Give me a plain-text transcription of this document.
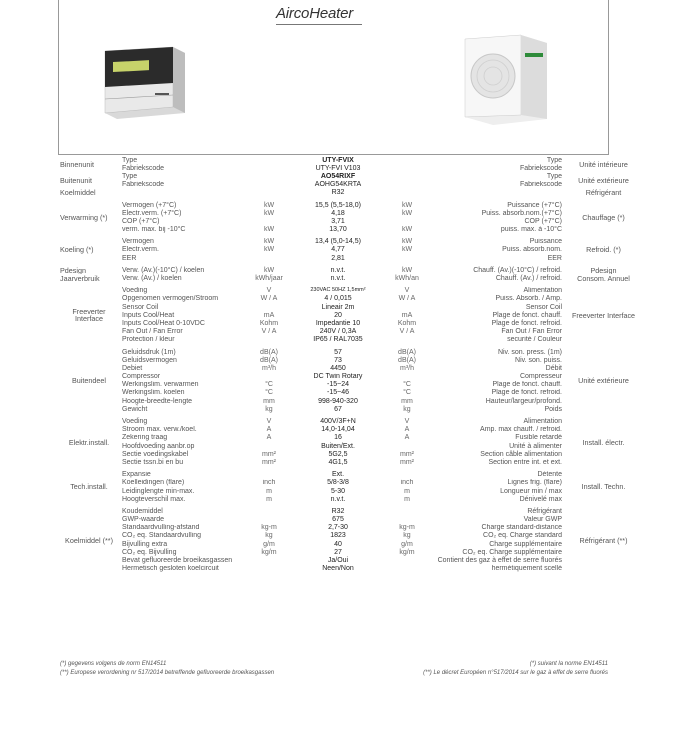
AircoHeater
Binnenunit	Type		UTY-FVIX		Type	Unité intérieure
	Fabriekscode		UTY-FVI V103		Fabriekscode	
Buitenunit	Type		AO54RIXF		Type	Unité extérieure
	Fabriekscode		AOHG54KRTA		Fabriekscode	
Koelmiddel			R32			Réfrigérant

Verwarming (*)	Vermogen (+7°C)	kW	15,5 (5,5-18,0)	kW	Puissance (+7°C)	Chauffage (*)
	Electr.verm. (+7°C)	kW	4,18	kW	Puiss. absorb.nom.(+7°C)	
	COP (+7°C)		3,71		COP (+7°C)	
	verm. max. bij -10°C	kW	13,70	kW	puiss. max. à -10°C	

Koeling (*)	Vermogen	kW	13,4 (5,0-14,5)	kW	Puissance	Refroid. (*)
	Electr.verm.	kW	4,77	kW	Puiss. absorb.nom.	
	EER		2,81		EER	

Pdesign	Verw. (Av.)(-10°C) / koelen	kW	n.v.t.	kW	Chauff. (Av.)(-10°C) / refroid.	Pdesign
Jaarverbruik	Verw. (Av.) / koelen	kWh/jaar	n.v.t.	kWh/an	Chauff. (Av.) / refroid.	Consom. Annuel

Freeverter
Interface	Voeding	V	230VAC 50HZ 1,5mm²	V	Alimentation	Freeverter Interface
	Opgenomen vermogen/Stroom	W / A	4 / 0,015	W / A	Puiss. Absorb. / Amp.	
	Sensor Coil		Lineair 2m		Sensor Coil	
	Inputs Cool/Heat	mA	20	mA	Plage de fonct. chauff.	
	Inputs Cool/Heat 0-10VDC	Kohm	Impedantie 10	Kohm	Plage de fonct. refroid.	
	Fan Out / Fan Error	V / A	240V / 0,3A	V / A	Fan Out / Fan Error	
	Protection / kleur		IP65 / RAL7035		securité / Couleur	

Buitendeel	Geluidsdruk (1m)	dB(A)	57	dB(A)	Niv. son. press. (1m)	Unité extérieure
	Geluidsvermogen	dB(A)	73	dB(A)	Niv. son. puiss.	
	Debiet	m³/h	4450	m³/h	Débit	
	Compressor		DC Twin Rotary		Compresseur	
	Werkingslim. verwarmen	°C	-15~24	°C	Plage de fonct. chauff.	
	Werkingslim. koelen	°C	-15~46	°C	Plage de fonct. refroid.	
	Hoogte-breedte-lengte	mm	998-940-320	mm	Hauteur/largeur/profond.	
	Gewicht	kg	67	kg	Poids	

Elektr.install.	Voeding	V	400V/3F+N	V	Alimentation	Install. électr.
	Stroom max. verw./koel.	A	14,0-14,04	A	Amp. max chauff. / refroid.	
	Zekering traag	A	16	A	Fusible retardé	
	Hoofdvoeding aanbr.op		Buiten/Ext.		Unité à alimenter	
	Sectie voedingskabel	mm²	5G2,5	mm²	Section câble alimentation	
	Sectie tssn.bi en bu	mm²	4G1,5	mm²	Section entre int. et ext.	

Tech.install.	Expansie		Ext.		Détente	Install. Techn.
	Koelleidingen (flare)	inch	5/8-3/8	inch	Lignes frig. (flare)	
	Leidinglengte min-max.	m	5-30	m	Longueur min / max	
	Hoogteverschil max.	m	n.v.t.	m	Dénivelé max	

Koelmiddel (**)	Koudemiddel		R32		Réfrigérant	Réfrigérant (**)
	GWP-waarde		675		Valeur GWP	
	Standaardvulling-afstand	kg-m	2,7-30	kg-m	Charge standard-distance	
	CO₂ eq. Standaardvulling	kg	1823	kg	CO₂ eq. Charge standard	
	Bijvulling extra	g/m	40	g/m	Charge supplémentaire	
	CO₂ eq. Bijvulling	kg/m	27	kg/m	CO₂ eq. Charge supplémentaire	
	Bevat gefluoreerde broeikasgassen		Ja/Oui		Contient des gaz à effet de serre fluorés	
	Hermetisch gesloten koelcircuit		Neen/Non		hermétiquement scellé	
(*) gegevens volgens de norm EN14511
(**) Europese verordening nr 517/2014 betreffende gefluoreerde broeikasgassen
(*) suivant la norme EN14511
(**) Le décret Européen n°517/2014 sur le gaz à effet de serre fluorés
